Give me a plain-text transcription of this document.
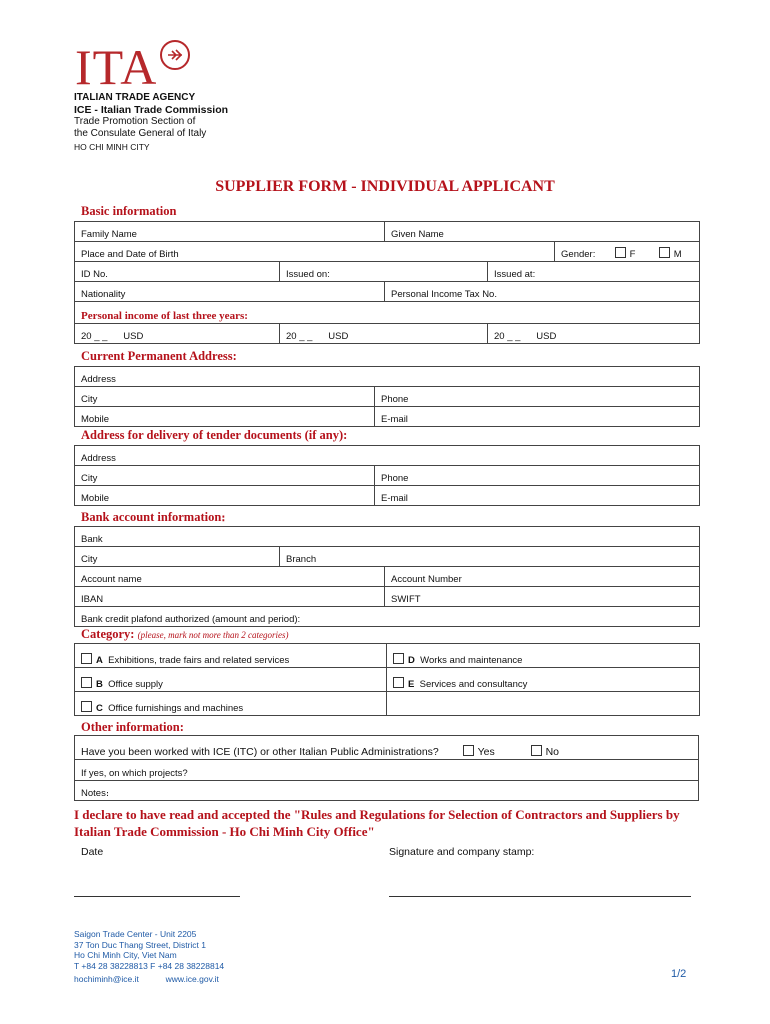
ITA
ITALIAN TRADE AGENCY
ICE - Italian Trade Commission
Trade Promotion Section of
the Consulate General of Italy
HO CHI MINH CITY
SUPPLIER FORM - INDIVIDUAL APPLICANT
Basic information
Family Name		Given Name		
Place and Date of Birth				Gender: F M
ID No.	Issued on:		Issued at:	
Nationality		Personal Income Tax No.		
Personal income of last three years:				
20 _ _ USD	20 _ _ USD		20 _ _ USD	
Current Permanent Address:
Address	
City	Phone
Mobile	E-mail
Address for delivery of tender documents (if any):
Address	
City	Phone
Mobile	E-mail
Bank account information։
Bank		
City	Branch	
Account name		Account Number
IBAN		SWIFT
Bank credit plafond authorized (amount and period):		
Category: (please, mark not more than 2 categories)
A Exhibitions, trade fairs and related services	D Works and maintenance
B Office supply	E Services and consultancy
C Office furnishings and machines	
Other information:
Have you been worked with ICE (ITC) or other Italian Public Administrations?	Yes	No
If yes, on which projects?
Notes։
I declare to have read and accepted the "Rules and Regulations for Selection of Contractors and Suppliers by Italian Trade Commission - Ho Chi Minh City Office"
Date	Signature and company stamp:
Saigon Trade Center - Unit 2205
37 Ton Duc Thang Street, District 1
Ho Chi Minh City, Viet Nam
T +84 28 38228813 F +84 28 38228814
hochiminh@ice.it	www.ice.gov.it	1/2
